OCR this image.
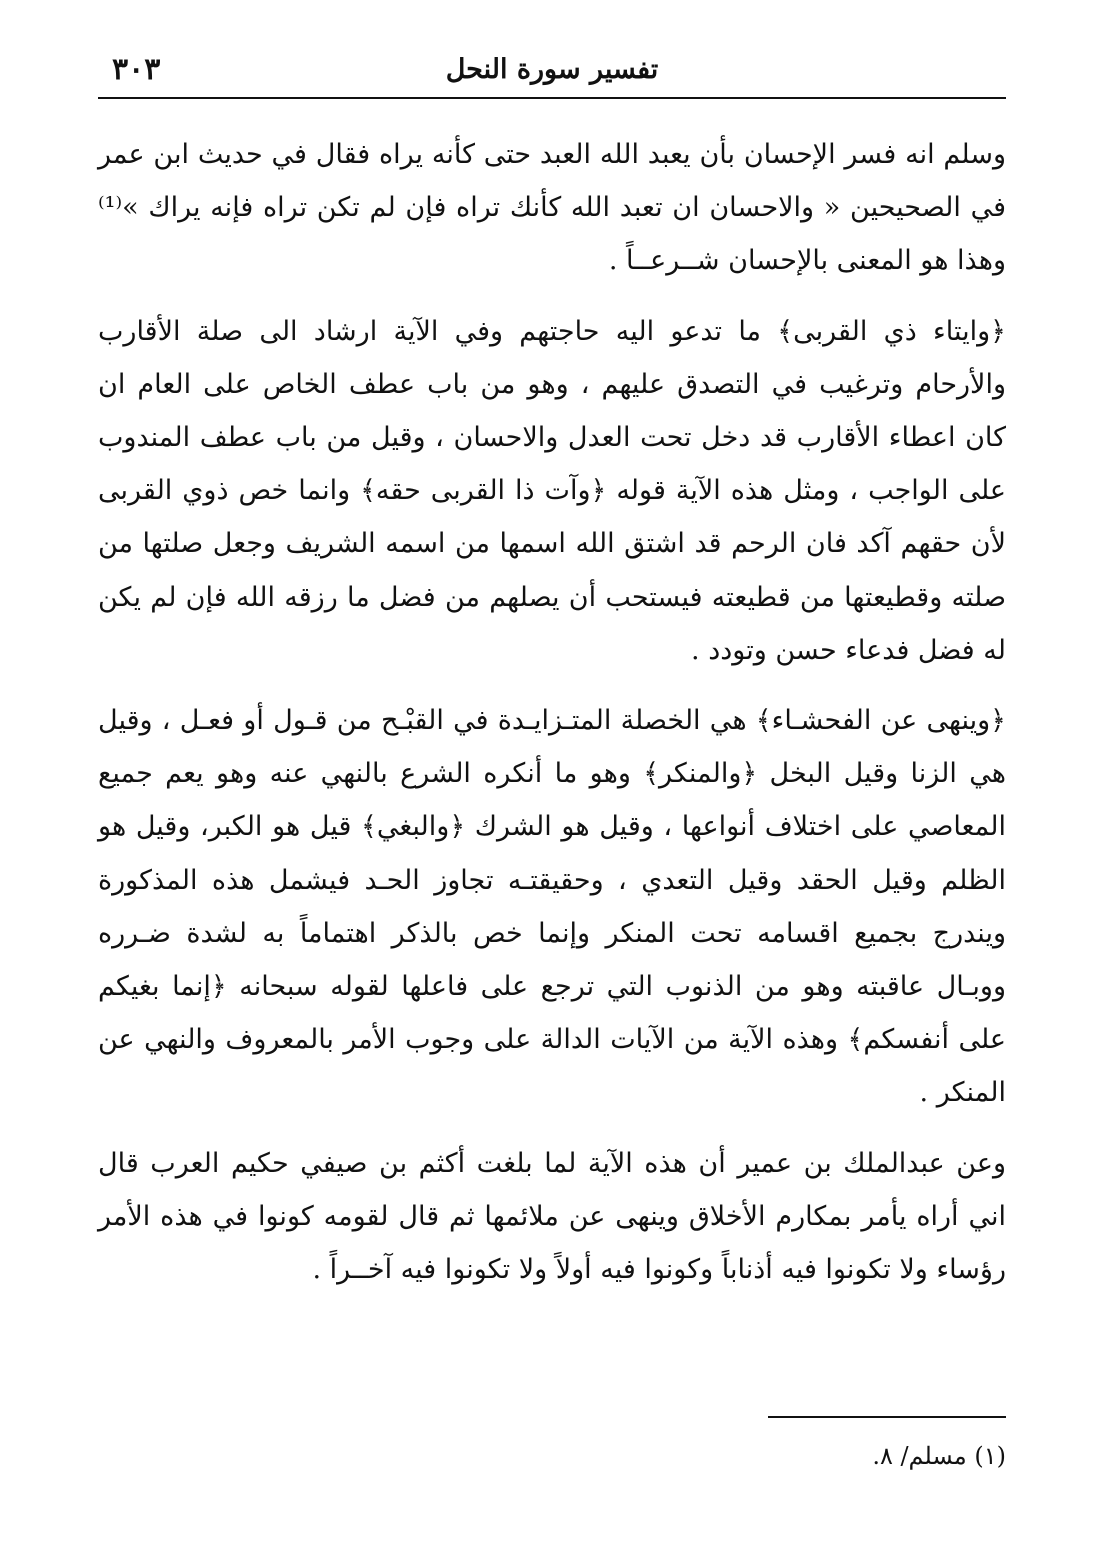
تفسير سورة النحل
٣٠٣

وسلم انه فسر الإحسان بأن يعبد الله العبد حتى كأنه يراه فقال في حديث ابن عمر في الصحيحين « والاحسان ان تعبد الله كأنك تراه فإن لم تكن تراه فإنه يراك »⁽¹⁾ وهذا هو المعنى بالإحسان شــرعــاً .

﴿وايتاء ذي القربى﴾ ما تدعو اليه حاجتهم وفي الآية ارشاد الى صلة الأقارب والأرحام وترغيب في التصدق عليهم ، وهو من باب عطف الخاص على العام ان كان اعطاء الأقارب قد دخل تحت العدل والاحسان ، وقيل من باب عطف المندوب على الواجب ، ومثل هذه الآية قوله ﴿وآت ذا القربى حقه﴾ وانما خص ذوي القربى لأن حقهم آكد فان الرحم قد اشتق الله اسمها من اسمه الشريف وجعل صلتها من صلته وقطيعتها من قطيعته فيستحب أن يصلهم من فضل ما رزقه الله فإن لم يكن له فضل فدعاء حسن وتودد .

﴿وينهى عن الفحشـاء﴾ هي الخصلة المتـزايـدة في القبْـح من قـول أو فعـل ، وقيل هي الزنا وقيل البخل ﴿والمنكر﴾ وهو ما أنكره الشرع بالنهي عنه وهو يعم جميع المعاصي على اختلاف أنواعها ، وقيل هو الشرك ﴿والبغي﴾ قيل هو الكبر، وقيل هو الظلم وقيل الحقد وقيل التعدي ، وحقيقتـه تجاوز الحـد فيشمل هذه المذكورة ويندرج بجميع اقسامه تحت المنكر وإنما خص بالذكر اهتماماً به لشدة ضـرره ووبـال عاقبته وهو من الذنوب التي ترجع على فاعلها لقوله سبحانه ﴿إنما بغيكم على أنفسكم﴾ وهذه الآية من الآيات الدالة على وجوب الأمر بالمعروف والنهي عن المنكر .

وعن عبدالملك بن عمير أن هذه الآية لما بلغت أكثم بن صيفي حكيم العرب قال اني أراه يأمر بمكارم الأخلاق وينهى عن ملائمها ثم قال لقومه كونوا في هذه الأمر رؤساء ولا تكونوا فيه أذناباً وكونوا فيه أولاً ولا تكونوا فيه آخــراً .

(١) مسلم/ ٨.
